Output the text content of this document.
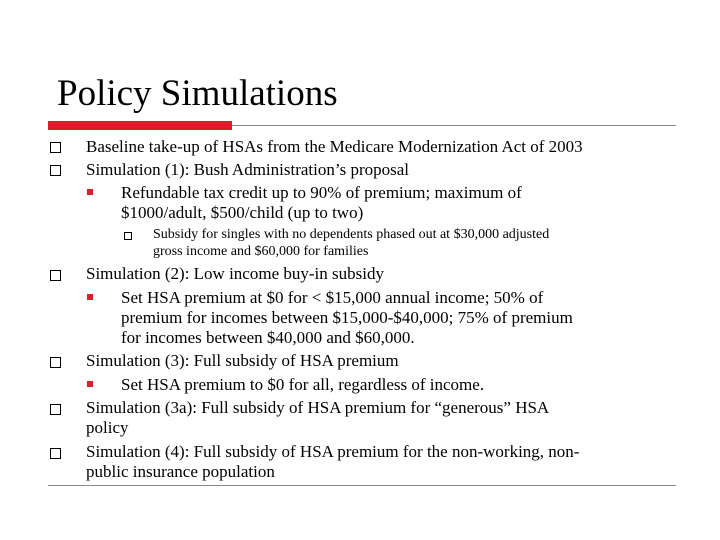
Policy Simulations
Baseline take-up of HSAs from the Medicare Modernization Act of 2003
Simulation (1): Bush Administration’s proposal
Refundable tax credit up to 90% of premium; maximum of
$1000/adult, $500/child (up to two)
Subsidy for singles with no dependents phased out at $30,000 adjusted
gross income and $60,000 for families
Simulation (2): Low income buy-in subsidy
Set HSA premium at $0 for < $15,000 annual income; 50% of
premium for incomes between $15,000-$40,000; 75% of premium
for incomes between $40,000 and $60,000.
Simulation (3): Full subsidy of HSA premium
Set HSA premium to $0 for all, regardless of income.
Simulation (3a): Full subsidy of HSA premium for “generous” HSA
policy
Simulation (4): Full subsidy of HSA premium for the non-working, non-
public insurance population
